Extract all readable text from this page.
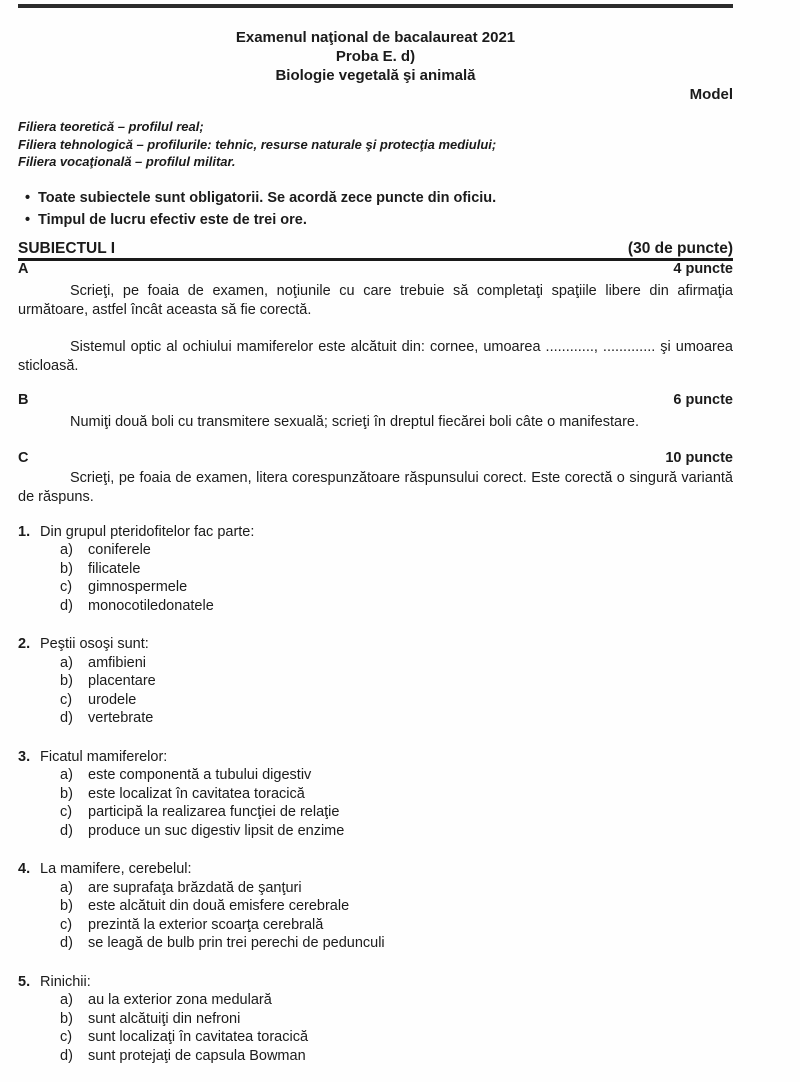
Examenul naţional de bacalaureat 2021
Proba E. d)
Biologie vegetală şi animală
Model
Filiera teoretică – profilul real;
Filiera tehnologică – profilurile: tehnic, resurse naturale şi protecţia mediului;
Filiera vocaţională – profilul militar.
• Toate subiectele sunt obligatorii. Se acordă zece puncte din oficiu.
• Timpul de lucru efectiv este de trei ore.
SUBIECTUL I	(30 de puncte)
A	4 puncte
Scrieţi, pe foaia de examen, noţiunile cu care trebuie să completaţi spaţiile libere din afirmaţia următoare, astfel încât aceasta să fie corectă.
Sistemul optic al ochiului mamiferelor este alcătuit din: cornee, umoarea ............, ............. şi umoarea sticloasă.
B	6 puncte
Numiţi două boli cu transmitere sexuală; scrieţi în dreptul fiecărei boli câte o manifestare.
C	10 puncte
Scrieţi, pe foaia de examen, litera corespunzătoare răspunsului corect. Este corectă o singură variantă de răspuns.
1. Din grupul pteridofitelor fac parte:
a)	coniferele
b)	filicatele
c)	gimnospermele
d)	monocotiledonatele
2. Peştii osoşi sunt:
a)	amfibieni
b)	placentare
c)	urodele
d)	vertebrate
3. Ficatul mamiferelor:
a)	este componentă a tubului digestiv
b)	este localizat în cavitatea toracică
c)	participă la realizarea funcţiei de relaţie
d)	produce un suc digestiv lipsit de enzime
4. La mamifere, cerebelul:
a)	are suprafaţa brăzdată de şanţuri
b)	este alcătuit din două emisfere cerebrale
c)	prezintă la exterior scoarţa cerebrală
d)	se leagă de bulb prin trei perechi de pedunculi
5. Rinichii:
a)	au la exterior zona medulară
b)	sunt alcătuiţi din nefroni
c)	sunt localizaţi în cavitatea toracică
d)	sunt protejaţi de capsula Bowman
